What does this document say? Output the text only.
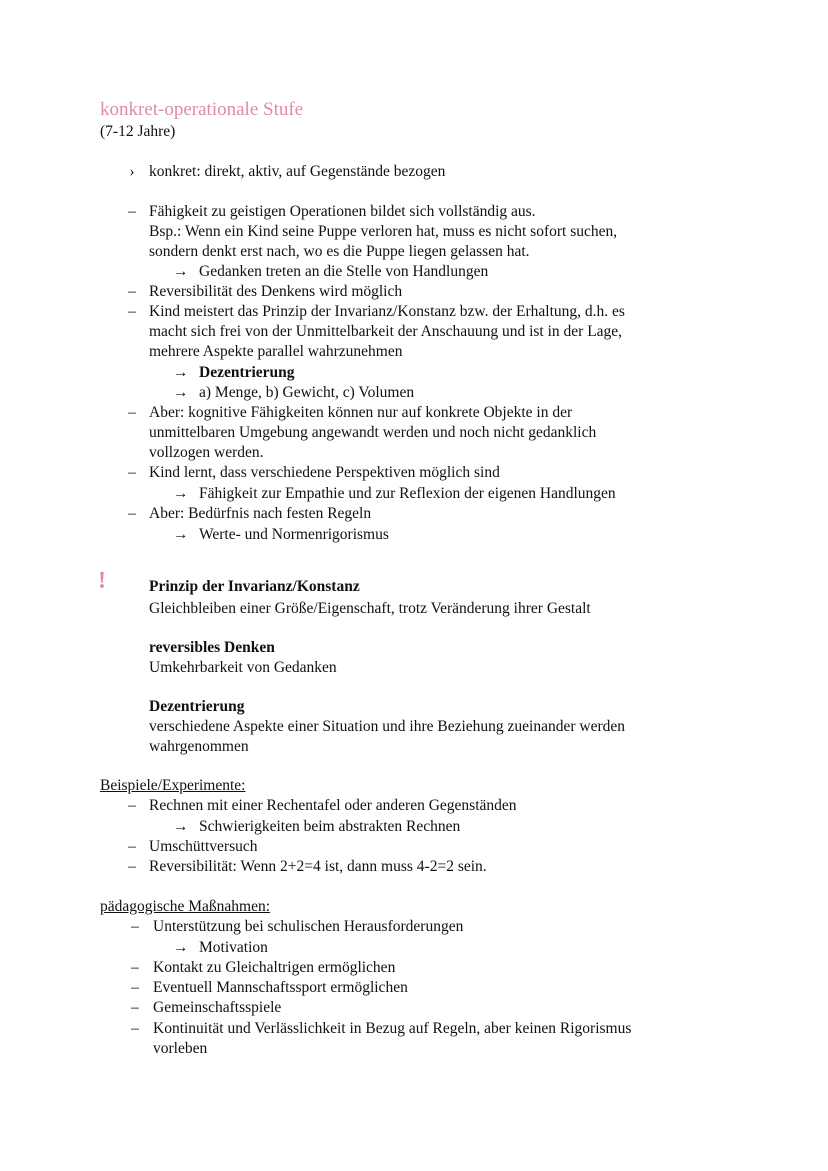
konkret-operationale Stufe
(7-12 Jahre)
› konkret: direkt, aktiv, auf Gegenstände bezogen
– Fähigkeit zu geistigen Operationen bildet sich vollständig aus.
Bsp.: Wenn ein Kind seine Puppe verloren hat, muss es nicht sofort suchen,
sondern denkt erst nach, wo es die Puppe liegen gelassen hat.
→ Gedanken treten an die Stelle von Handlungen
– Reversibilität des Denkens wird möglich
– Kind meistert das Prinzip der Invarianz/Konstanz bzw. der Erhaltung, d.h. es
macht sich frei von der Unmittelbarkeit der Anschauung und ist in der Lage,
mehrere Aspekte parallel wahrzunehmen
→ Dezentrierung
→ a) Menge, b) Gewicht, c) Volumen
– Aber: kognitive Fähigkeiten können nur auf konkrete Objekte in der
unmittelbaren Umgebung angewandt werden und noch nicht gedanklich
vollzogen werden.
– Kind lernt, dass verschiedene Perspektiven möglich sind
→ Fähigkeit zur Empathie und zur Reflexion der eigenen Handlungen
– Aber: Bedürfnis nach festen Regeln
→ Werte- und Normenrigorismus
!	Prinzip der Invarianz/Konstanz
Gleichbleiben einer Größe/Eigenschaft, trotz Veränderung ihrer Gestalt
reversibles Denken
Umkehrbarkeit von Gedanken
Dezentrierung
verschiedene Aspekte einer Situation und ihre Beziehung zueinander werden
wahrgenommen
Beispiele/Experimente:
– Rechnen mit einer Rechentafel oder anderen Gegenständen
→ Schwierigkeiten beim abstrakten Rechnen
– Umschüttversuch
– Reversibilität: Wenn 2+2=4 ist, dann muss 4-2=2 sein.
pädagogische Maßnahmen:
– Unterstützung bei schulischen Herausforderungen
→ Motivation
– Kontakt zu Gleichaltrigen ermöglichen
– Eventuell Mannschaftssport ermöglichen
– Gemeinschaftsspiele
– Kontinuität und Verlässlichkeit in Bezug auf Regeln, aber keinen Rigorismus
vorleben
